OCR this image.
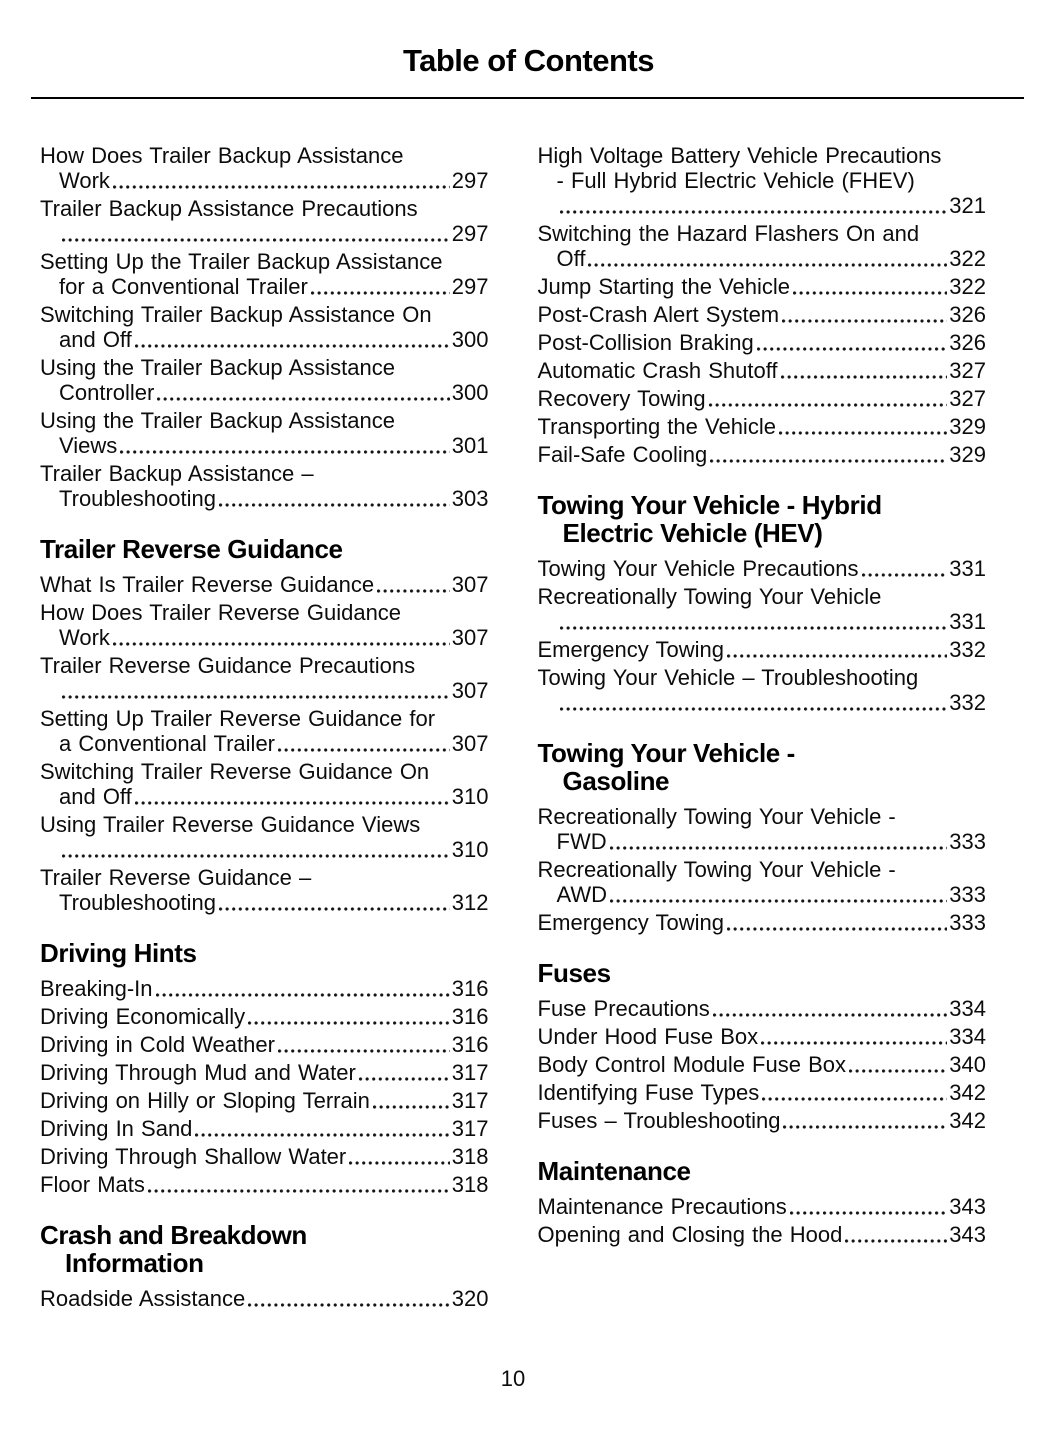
Table of Contents
How Does Trailer Backup Assistance
Work	297
Trailer Backup Assistance Precautions
297
Setting Up the Trailer Backup Assistance
for a Conventional Trailer	297
Switching Trailer Backup Assistance On
and Off	300
Using the Trailer Backup Assistance
Controller	300
Using the Trailer Backup Assistance
Views	301
Trailer Backup Assistance –
Troubleshooting	303
Trailer Reverse Guidance
What Is Trailer Reverse Guidance	307
How Does Trailer Reverse Guidance
Work	307
Trailer Reverse Guidance Precautions
307
Setting Up Trailer Reverse Guidance for
a Conventional Trailer	307
Switching Trailer Reverse Guidance On
and Off	310
Using Trailer Reverse Guidance Views
310
Trailer Reverse Guidance –
Troubleshooting	312
Driving Hints
Breaking-In	316
Driving Economically	316
Driving in Cold Weather	316
Driving Through Mud and Water	317
Driving on Hilly or Sloping Terrain	317
Driving In Sand	317
Driving Through Shallow Water	318
Floor Mats	318
Crash and Breakdown
Information
Roadside Assistance	320
High Voltage Battery Vehicle Precautions
- Full Hybrid Electric Vehicle (FHEV)
321
Switching the Hazard Flashers On and
Off	322
Jump Starting the Vehicle	322
Post-Crash Alert System	326
Post-Collision Braking	326
Automatic Crash Shutoff	327
Recovery Towing	327
Transporting the Vehicle	329
Fail-Safe Cooling	329
Towing Your Vehicle - Hybrid
Electric Vehicle (HEV)
Towing Your Vehicle Precautions	331
Recreationally Towing Your Vehicle
331
Emergency Towing	332
Towing Your Vehicle – Troubleshooting
332
Towing Your Vehicle -
Gasoline
Recreationally Towing Your Vehicle -
FWD	333
Recreationally Towing Your Vehicle -
AWD	333
Emergency Towing	333
Fuses
Fuse Precautions	334
Under Hood Fuse Box	334
Body Control Module Fuse Box	340
Identifying Fuse Types	342
Fuses – Troubleshooting	342
Maintenance
Maintenance Precautions	343
Opening and Closing the Hood	343
10
